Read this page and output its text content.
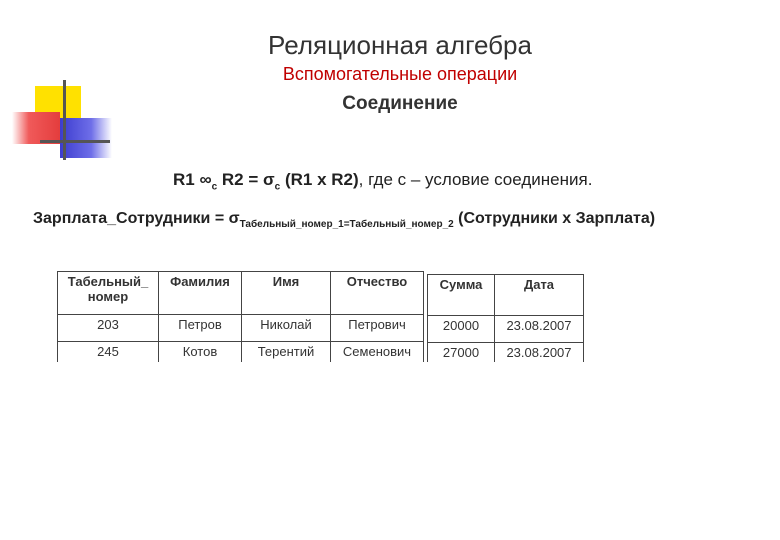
Реляционная алгебра
Вспомогательные операции
Соединение
R1 $\infty_c$ $R2 = \sigma_c$ (R1 x R2), где с – условие соединения.
Зарплата_Сотрудники = $\sigma_{Табельный\_номер\_1=Табельный\_номер\_2}$ (Сотрудники х Зарплата)
Табельный_ номер	Фамилия	Имя	Отчество
203	Петров	Николай	Петрович
245	Котов	Терентий	Семенович
Сумма	Дата
20000	23.08.2007
27000	23.08.2007
